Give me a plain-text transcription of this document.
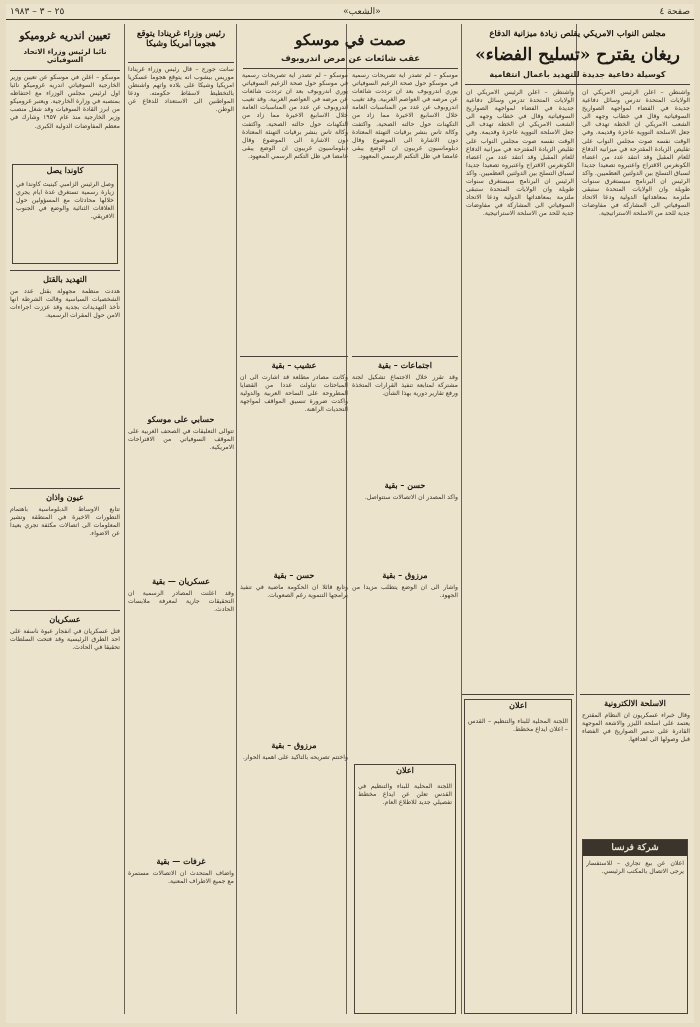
صفحة ٤
«الشعب»
٢٥ – ٣ – ١٩٨٣
مجلس النواب الأمريكي يقلص زيادة ميزانية الدفاع
ريغان يقترح «تسليح الفضاء»
كوسيلة دفاعية جديدة للتهديد بأعمال انتقامية
واشنطن – اعلن الرئيس الامريكي ان الولايات المتحدة تدرس وسائل دفاعية جديدة في الفضاء لمواجهة الصواريخ السوفياتية وقال في خطاب وجهه الى الشعب الامريكي ان الخطة تهدف الى جعل الاسلحة النووية عاجزة وقديمة. وفي الوقت نفسه صوت مجلس النواب على تقليص الزيادة المقترحة في ميزانية الدفاع للعام المقبل وقد انتقد عدد من اعضاء الكونغرس الاقتراح واعتبروه تصعيدا جديدا لسباق التسلح بين الدولتين العظميين. واكد الرئيس ان البرنامج سيستغرق سنوات طويلة وان الولايات المتحدة ستبقى ملتزمة بمعاهداتها الدولية ودعا الاتحاد السوفياتي الى المشاركة في مفاوضات جدية للحد من الاسلحة الاستراتيجية.
واشنطن – اعلن الرئيس الامريكي ان الولايات المتحدة تدرس وسائل دفاعية جديدة في الفضاء لمواجهة الصواريخ السوفياتية وقال في خطاب وجهه الى الشعب الامريكي ان الخطة تهدف الى جعل الاسلحة النووية عاجزة وقديمة. وفي الوقت نفسه صوت مجلس النواب على تقليص الزيادة المقترحة في ميزانية الدفاع للعام المقبل وقد انتقد عدد من اعضاء الكونغرس الاقتراح واعتبروه تصعيدا جديدا لسباق التسلح بين الدولتين العظميين. واكد الرئيس ان البرنامج سيستغرق سنوات طويلة وان الولايات المتحدة ستبقى ملتزمة بمعاهداتها الدولية ودعا الاتحاد السوفياتي الى المشاركة في مفاوضات جدية للحد من الاسلحة الاستراتيجية.
الاسلحة الالكترونية
وقال خبراء عسكريون ان النظام المقترح يعتمد على اسلحة الليزر والاشعة الموجهة القادرة على تدمير الصواريخ في الفضاء قبل وصولها الى اهدافها.
شركة فرنسا
اعلان عن بيع تجاري – للاستفسار يرجى الاتصال بالمكتب الرئيسي.
اعلان
اللجنة المحلية للبناء والتنظيم – القدس – اعلان ايداع مخطط.
صمت في موسكو
عقب شائعات عن مرض اندروبوف
موسكو – لم تصدر اية تصريحات رسمية في موسكو حول صحة الزعيم السوفياتي يوري اندروبوف بعد ان ترددت شائعات عن مرضه في العواصم الغربية. وقد تغيب اندروبوف عن عدد من المناسبات العامة خلال الاسابيع الاخيرة مما زاد من التكهنات حول حالته الصحية. واكتفت وكالة تاس بنشر برقيات التهنئة المعتادة دون الاشارة الى الموضوع وقال دبلوماسيون غربيون ان الوضع يبقى غامضا في ظل التكتم الرسمي المعهود.
موسكو – لم تصدر اية تصريحات رسمية في موسكو حول صحة الزعيم السوفياتي يوري اندروبوف بعد ان ترددت شائعات عن مرضه في العواصم الغربية. وقد تغيب اندروبوف عن عدد من المناسبات العامة خلال الاسابيع الاخيرة مما زاد من التكهنات حول حالته الصحية. واكتفت وكالة تاس بنشر برقيات التهنئة المعتادة دون الاشارة الى الموضوع وقال دبلوماسيون غربيون ان الوضع يبقى غامضا في ظل التكتم الرسمي المعهود.
اجتماعات – بقية
وقد تقرر خلال الاجتماع تشكيل لجنة مشتركة لمتابعة تنفيذ القرارات المتخذة ورفع تقارير دورية بهذا الشأن.
حسن – بقية
واكد المصدر ان الاتصالات ستتواصل.
مرزوق – بقية
واشار الى ان الوضع يتطلب مزيدا من الجهود.
اعلان
اللجنة المحلية للبناء والتنظيم في القدس تعلن عن ايداع مخطط تفصيلي جديد للاطلاع العام.
عشيب – بقية
وكانت مصادر مطلعة قد اشارت الى ان المباحثات تناولت عددا من القضايا المطروحة على الساحة العربية والدولية واكدت ضرورة تنسيق المواقف لمواجهة التحديات الراهنة.
حسن – بقية
وتابع قائلا ان الحكومة ماضية في تنفيذ برامجها التنموية رغم الصعوبات.
مرزوق – بقية
واختتم تصريحه بالتأكيد على اهمية الحوار.
رئيس وزراء غرينادا يتوقع هجوما امريكا وشيكا
سانت جورج – قال رئيس وزراء غرينادا موريس بيشوب انه يتوقع هجوما عسكريا امريكيا وشيكا على بلاده واتهم واشنطن بالتخطيط لاسقاط حكومته. ودعا المواطنين الى الاستعداد للدفاع عن الوطن.
حسابي على موسكو
تتوالى التعليقات في الصحف الغربية على الموقف السوفياتي من الاقتراحات الامريكية.
عسكريان — بقية
وقد اعلنت المصادر الرسمية ان التحقيقات جارية لمعرفة ملابسات الحادث.
غرفات — بقية
واضاف المتحدث ان الاتصالات مستمرة مع جميع الاطراف المعنية.
تعيين اندريه غروميكو
نائبا لرئيس وزراء الاتحاد السوفياتي
موسكو – اعلن في موسكو عن تعيين وزير الخارجية السوفياتي اندريه غروميكو نائبا اول لرئيس مجلس الوزراء مع احتفاظه بمنصبه في وزارة الخارجية. ويعتبر غروميكو من ابرز القادة السوفيات وقد شغل منصب وزير الخارجية منذ عام ١٩٥٧ وشارك في معظم المفاوضات الدولية الكبرى.
كاوندا يصل
وصل الرئيس الزامبي كينيث كاوندا في زيارة رسمية تستغرق عدة ايام يجري خلالها محادثات مع المسؤولين حول العلاقات الثنائية والوضع في الجنوب الافريقي.
التهديد بالقتل
هددت منظمة مجهولة بقتل عدد من الشخصيات السياسية وقالت الشرطة انها تأخذ التهديدات بجدية وقد عززت اجراءات الامن حول المقرات الرسمية.
عيون واذان
تتابع الاوساط الدبلوماسية باهتمام التطورات الاخيرة في المنطقة وتشير المعلومات الى اتصالات مكثفة تجري بعيدا عن الاضواء.
عسكريان
قتل عسكريان في انفجار عبوة ناسفة على احد الطرق الرئيسية وقد فتحت السلطات تحقيقا في الحادث.
